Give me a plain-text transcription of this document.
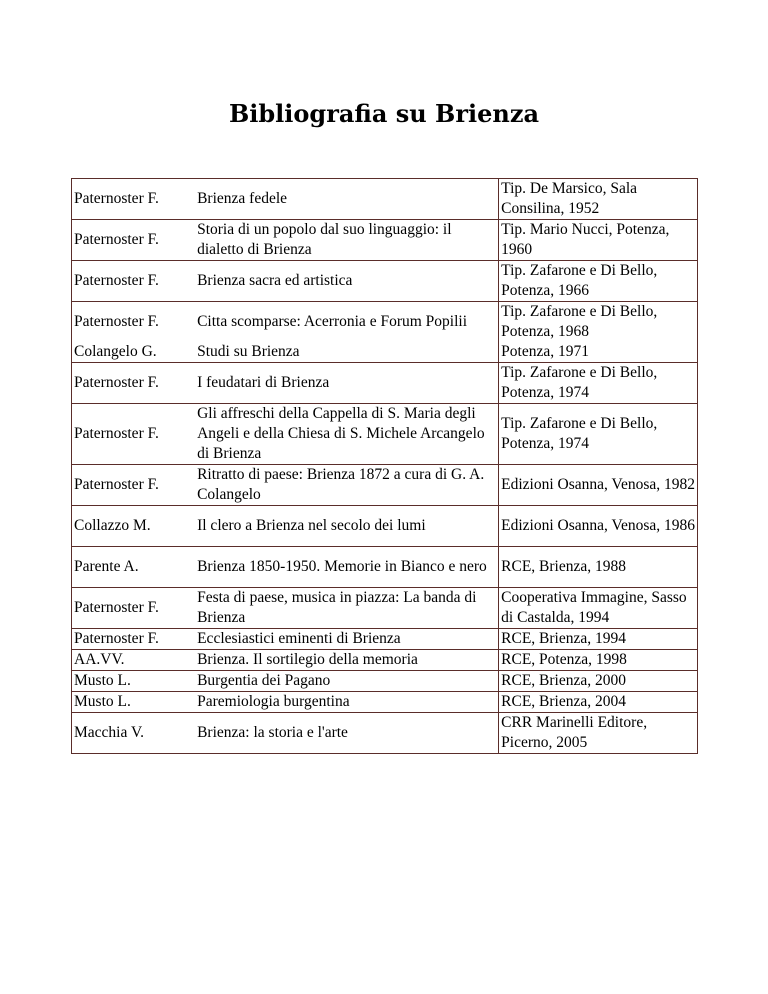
Bibliografia su Brienza
Paternoster F.	Brienza fedele	Tip. De Marsico, Sala Consilina, 1952
Paternoster F.	Storia di un popolo dal suo linguaggio: il dialetto di Brienza	Tip. Mario Nucci, Potenza, 1960
Paternoster F.	Brienza sacra ed artistica	Tip. Zafarone e Di Bello, Potenza, 1966
Paternoster F.	Citta scomparse: Acerronia e Forum Popilii	Tip. Zafarone e Di Bello, Potenza, 1968
Colangelo G.	Studi su Brienza	Potenza, 1971
Paternoster F.	I feudatari di Brienza	Tip. Zafarone e Di Bello, Potenza, 1974
Paternoster F.	Gli affreschi della Cappella di S. Maria degli Angeli e della Chiesa di S. Michele Arcangelo di Brienza	Tip. Zafarone e Di Bello, Potenza, 1974
Paternoster F.	Ritratto di paese: Brienza 1872 a cura di G. A. Colangelo	Edizioni Osanna, Venosa, 1982
Collazzo M.	Il clero a Brienza nel secolo dei lumi	Edizioni Osanna, Venosa, 1986
Parente A.	Brienza 1850-1950. Memorie in Bianco e nero	RCE, Brienza, 1988
Paternoster F.	Festa di paese, musica in piazza: La banda di Brienza	Cooperativa Immagine, Sasso di Castalda, 1994
Paternoster F.	Ecclesiastici eminenti di Brienza	RCE, Brienza, 1994
AA.VV.	Brienza. Il sortilegio della memoria	RCE, Potenza, 1998
Musto L.	Burgentia dei Pagano	RCE, Brienza, 2000
Musto L.	Paremiologia burgentina	RCE, Brienza, 2004
Macchia V.	Brienza: la storia e l'arte	CRR Marinelli Editore, Picerno, 2005
